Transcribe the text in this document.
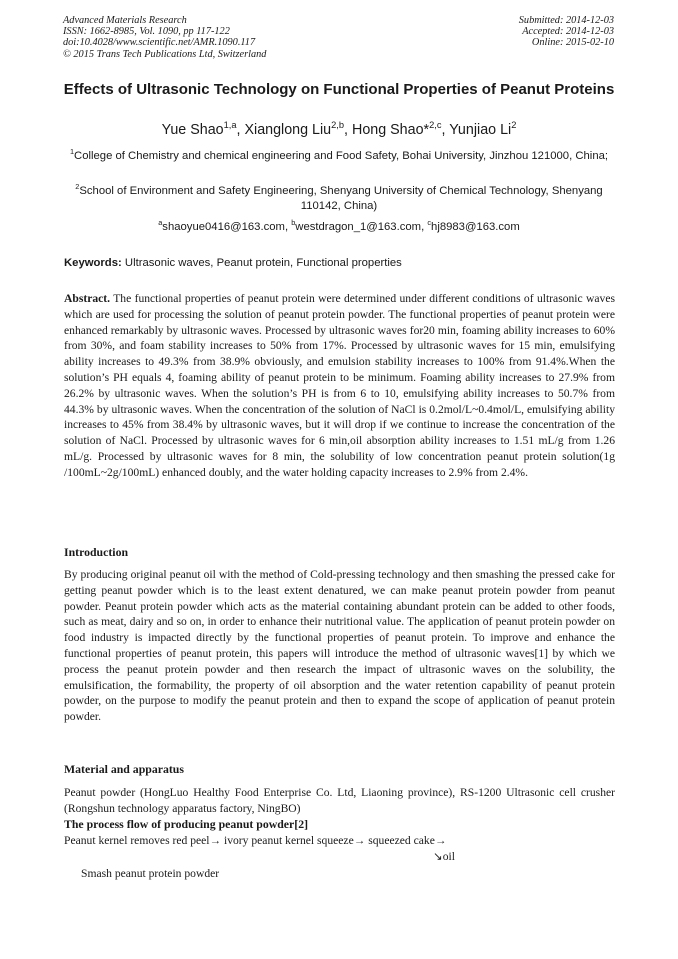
Advanced Materials Research
ISSN: 1662-8985, Vol. 1090, pp 117-122
doi:10.4028/www.scientific.net/AMR.1090.117
© 2015 Trans Tech Publications Ltd, Switzerland
Submitted: 2014-12-03
Accepted: 2014-12-03
Online: 2015-02-10
Effects of Ultrasonic Technology on Functional Properties of Peanut Proteins
Yue Shao$^{1,a}$, Xianglong Liu$^{2,b}$, Hong Shao*$^{2,c}$, Yunjiao Li$^2$
$^1$College of Chemistry and chemical engineering and Food Safety, Bohai University, Jinzhou 121000, China;
$^2$School of Environment and Safety Engineering, Shenyang University of Chemical Technology, Shenyang 110142, China)
$^a$shaoyue0416@163.com, $^b$westdragon_1@163.com, $^c$hj8983@163.com
Keywords: Ultrasonic waves, Peanut protein, Functional properties
Abstract. The functional properties of peanut protein were determined under different conditions of ultrasonic waves which are used for processing the solution of peanut protein powder. The functional properties of peanut protein were enhanced remarkably by ultrasonic waves. Processed by ultrasonic waves for20 min, foaming ability increases to 60% from 30%, and foam stability increases to 50% from 17%. Processed by ultrasonic waves for 15 min, emulsifying ability increases to 49.3% from 38.9% obviously, and emulsion stability increases to 100% from 91.4%.When the solution’s PH equals 4, foaming ability of peanut protein to be minimum. Foaming ability increases to 27.9% from 26.2% by ultrasonic waves. When the solution’s PH is from 6 to 10, emulsifying ability increases to 50.7% from 44.3% by ultrasonic waves. When the concentration of the solution of NaCl is 0.2mol/L~0.4mol/L, emulsifying ability increases to 45% from 38.4% by ultrasonic waves, but it will drop if we continue to increase the concentration of the solution of NaCl. Processed by ultrasonic waves for 6 min,oil absorption ability increases to 1.51 mL/g from 1.26 mL/g. Processed by ultrasonic waves for 8 min, the solubility of low concentration peanut protein solution(1g /100mL~2g/100mL) enhanced doubly, and the water holding capacity increases to 2.9% from 2.4%.
Introduction
By producing original peanut oil with the method of Cold-pressing technology and then smashing the pressed cake for getting peanut powder which is to the least extent denatured, we can make peanut protein powder from peanut powder. Peanut protein powder which acts as the material containing abundant protein can be added to other foods, such as meat, dairy and so on, in order to enhance their nutritional value. The application of peanut protein powder on food industry is impacted directly by the functional properties of peanut protein. To improve and enhance the functional properties of peanut protein, this papers will introduce the method of ultrasonic waves[1] by which we process the peanut protein powder and then research the impact of ultrasonic waves on the solubility, the emulsification, the formability, the property of oil absorption and the water retention capability of peanut protein powder, on the purpose to modify the peanut protein and then to expand the scope of application of peanut protein powder.
Material and apparatus
Peanut powder (HongLuo Healthy Food Enterprise Co. Ltd, Liaoning province), RS-1200 Ultrasonic cell crusher (Rongshun technology apparatus factory, NingBO)
The process flow of producing peanut powder[2]
Peanut kernel removes red peel→ ivory peanut kernel squeeze→ squeezed cake→
↘oil
Smash peanut protein powder
